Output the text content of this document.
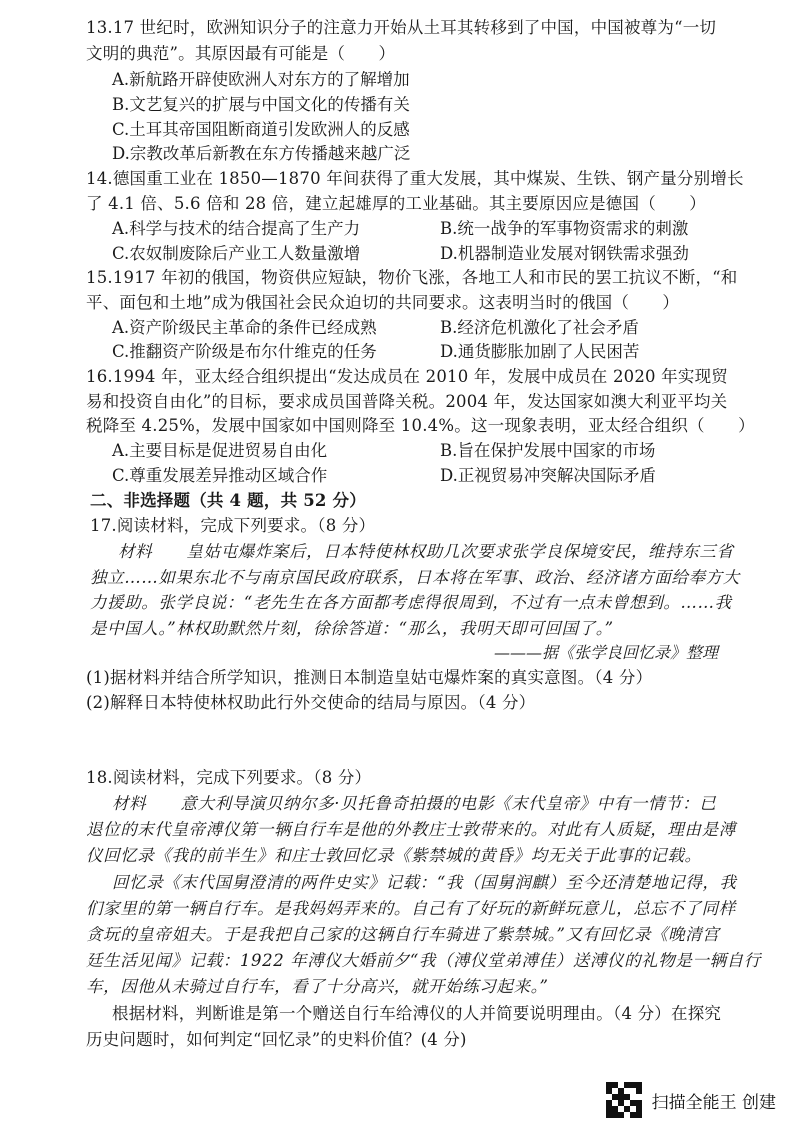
13.17 世纪时，欧洲知识分子的注意力开始从土耳其转移到了中国，中国被尊为“一切
文明的典范”。其原因最有可能是（　　）
A.新航路开辟使欧洲人对东方的了解增加
B.文艺复兴的扩展与中国文化的传播有关
C.土耳其帝国阻断商道引发欧洲人的反感
D.宗教改革后新教在东方传播越来越广泛
14.德国重工业在 1850—1870 年间获得了重大发展，其中煤炭、生铁、钢产量分别增长
了 4.1 倍、5.6 倍和 28 倍，建立起雄厚的工业基础。其主要原因应是德国（　　）
A.科学与技术的结合提高了生产力	B.统一战争的军事物资需求的刺激
C.农奴制废除后产业工人数量激增	D.机器制造业发展对钢铁需求强劲
15.1917 年初的俄国，物资供应短缺，物价飞涨，各地工人和市民的罢工抗议不断，“和
平、面包和土地”成为俄国社会民众迫切的共同要求。这表明当时的俄国（　　）
A.资产阶级民主革命的条件已经成熟	B.经济危机激化了社会矛盾
C.推翻资产阶级是布尔什维克的任务	D.通货膨胀加剧了人民困苦
16.1994 年，亚太经合组织提出“发达成员在 2010 年，发展中成员在 2020 年实现贸
易和投资自由化”的目标，要求成员国普降关税。2004 年，发达国家如澳大利亚平均关
税降至 4.25%，发展中国家如中国则降至 10.4%。这一现象表明，亚太经合组织（　　）
A.主要目标是促进贸易自由化	B.旨在保护发展中国家的市场
C.尊重发展差异推动区域合作	D.正视贸易冲突解决国际矛盾
二、非选择题（共 4 题，共 52 分）
17.阅读材料，完成下列要求。（8 分）
材料　　皇姑屯爆炸案后，日本特使林权助几次要求张学良保境安民，维持东三省
独立……如果东北不与南京国民政府联系，日本将在军事、政治、经济诸方面给奉方大
力援助。张学良说：“老先生在各方面都考虑得很周到，不过有一点未曾想到。……我
是中国人。”林权助默然片刻，徐徐答道：“那么，我明天即可回国了。”
———据《张学良回忆录》整理
(1)据材料并结合所学知识，推测日本制造皇姑屯爆炸案的真实意图。（4 分）
(2)解释日本特使林权助此行外交使命的结局与原因。（4 分）
18.阅读材料，完成下列要求。（8 分）
材料　　意大利导演贝纳尔多·贝托鲁奇拍摄的电影《末代皇帝》中有一情节：已
退位的末代皇帝溥仪第一辆自行车是他的外教庄士敦带来的。对此有人质疑，理由是溥
仪回忆录《我的前半生》和庄士敦回忆录《紫禁城的黄昏》均无关于此事的记载。
回忆录《末代国舅澄清的两件史实》记载：“我（国舅润麒）至今还清楚地记得，我
们家里的第一辆自行车。是我妈妈弄来的。自己有了好玩的新鲜玩意儿，总忘不了同样
贪玩的皇帝姐夫。于是我把自己家的这辆自行车骑进了紫禁城。”又有回忆录《晚清宫
廷生活见闻》记载：1922 年溥仪大婚前夕“我（溥仪堂弟溥佳）送溥仪的礼物是一辆自行
车，因他从未骑过自行车，看了十分高兴，就开始练习起来。”
根据材料，判断谁是第一个赠送自行车给溥仪的人并简要说明理由。（4 分）在探究
历史问题时，如何判定“回忆录”的史料价值？(4 分)
扫描全能王 创建
